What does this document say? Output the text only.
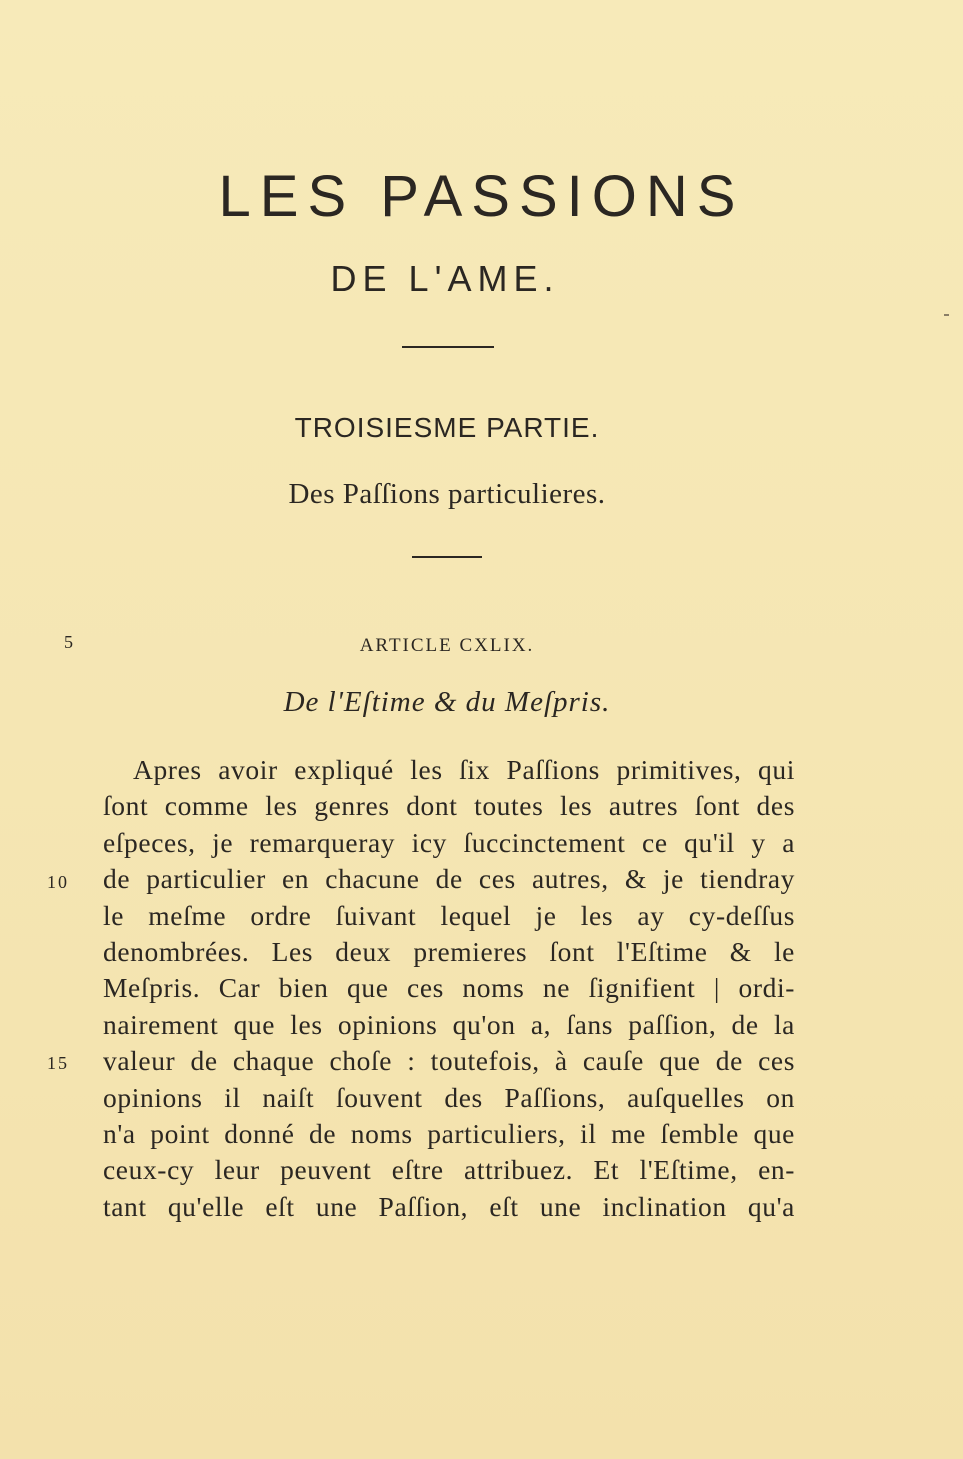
LES PASSIONS
DE L'AME.
TROISIESME PARTIE.
Des Paſſions particulieres.
5	ARTICLE CXLIX.
De l'Eſtime & du Meſpris.
10
15
Apres avoir expliqué les ſix Paſſions primitives, qui
ſont comme les genres dont toutes les autres ſont des
eſpeces, je remarqueray icy ſuccinctement ce qu'il y a
de particulier en chacune de ces autres, & je tiendray
le meſme ordre ſuivant lequel je les ay cy-deſſus
denombrées. Les deux premieres ſont l'Eſtime & le
Meſpris. Car bien que ces noms ne ſignifient | ordi-
nairement que les opinions qu'on a, ſans paſſion, de la
valeur de chaque choſe : toutefois, à cauſe que de ces
opinions il naiſt ſouvent des Paſſions, auſquelles on
n'a point donné de noms particuliers, il me ſemble que
ceux-cy leur peuvent eſtre attribuez. Et l'Eſtime, en-
tant qu'elle eſt une Paſſion, eſt une inclination qu'a
